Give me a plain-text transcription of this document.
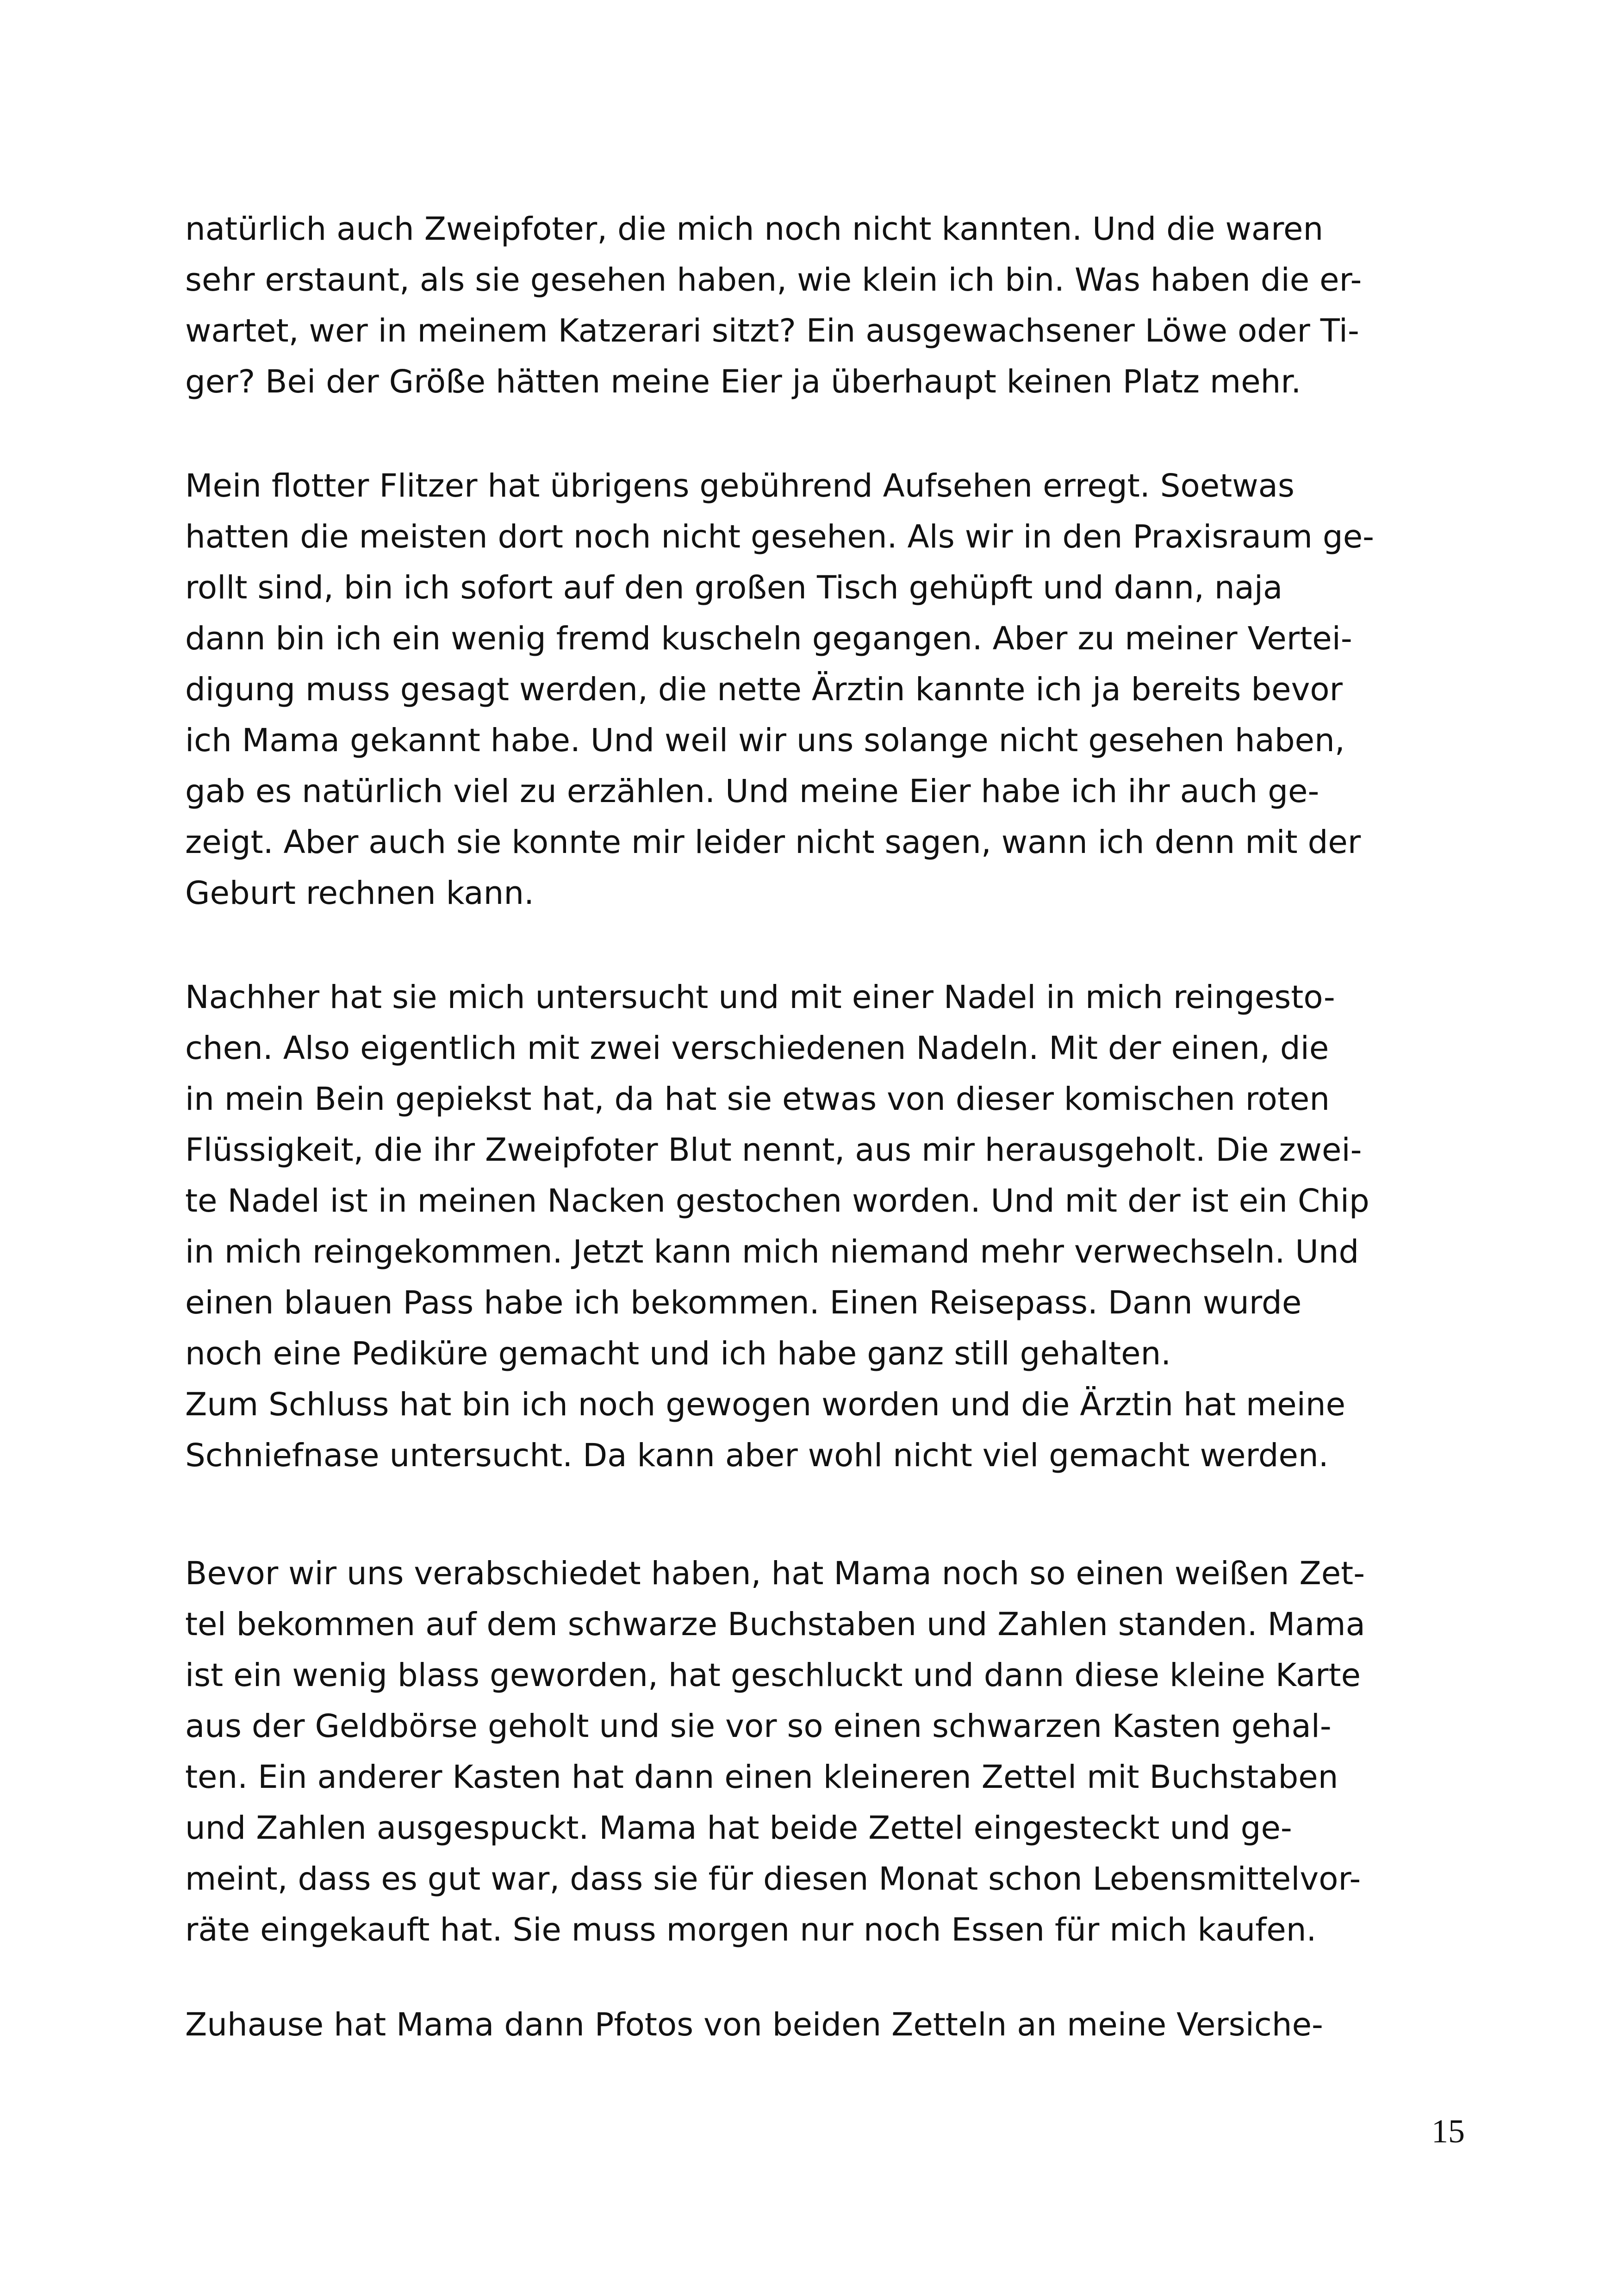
natürlich auch Zweipfoter, die mich noch nicht kannten. Und die waren
sehr erstaunt, als sie gesehen haben, wie klein ich bin. Was haben die er-
wartet, wer in meinem Katzerari sitzt? Ein ausgewachsener Löwe oder Ti-
ger? Bei der Größe hätten meine Eier ja überhaupt keinen Platz mehr.
Mein flotter Flitzer hat übrigens gebührend Aufsehen erregt. Soetwas
hatten die meisten dort noch nicht gesehen. Als wir in den Praxisraum ge-
rollt sind, bin ich sofort auf den großen Tisch gehüpft und dann, naja
dann bin ich ein wenig fremd kuscheln gegangen. Aber zu meiner Vertei-
digung muss gesagt werden, die nette Ärztin kannte ich ja bereits bevor
ich Mama gekannt habe. Und weil wir uns solange nicht gesehen haben,
gab es natürlich viel zu erzählen. Und meine Eier habe ich ihr auch ge-
zeigt. Aber auch sie konnte mir leider nicht sagen, wann ich denn mit der
Geburt rechnen kann.
Nachher hat sie mich untersucht und mit einer Nadel in mich reingesto-
chen. Also eigentlich mit zwei verschiedenen Nadeln. Mit der einen, die
in mein Bein gepiekst hat, da hat sie etwas von dieser komischen roten
Flüssigkeit, die ihr Zweipfoter Blut nennt, aus mir herausgeholt. Die zwei-
te Nadel ist in meinen Nacken gestochen worden. Und mit der ist ein Chip
in mich reingekommen. Jetzt kann mich niemand mehr verwechseln. Und
einen blauen Pass habe ich bekommen. Einen Reisepass. Dann wurde
noch eine Pediküre gemacht und ich habe ganz still gehalten.
Zum Schluss hat bin ich noch gewogen worden und die Ärztin hat meine
Schniefnase untersucht. Da kann aber wohl nicht viel gemacht werden.
Bevor wir uns verabschiedet haben, hat Mama noch so einen weißen Zet-
tel bekommen auf dem schwarze Buchstaben und Zahlen standen. Mama
ist ein wenig blass geworden, hat geschluckt und dann diese kleine Karte
aus der Geldbörse geholt und sie vor so einen schwarzen Kasten gehal-
ten. Ein anderer Kasten hat dann einen kleineren Zettel mit Buchstaben
und Zahlen ausgespuckt. Mama hat beide Zettel eingesteckt und ge-
meint, dass es gut war, dass sie für diesen Monat schon Lebensmittelvor-
räte eingekauft hat. Sie muss morgen nur noch Essen für mich kaufen.
Zuhause hat Mama dann Pfotos von beiden Zetteln an meine Versiche-
15
